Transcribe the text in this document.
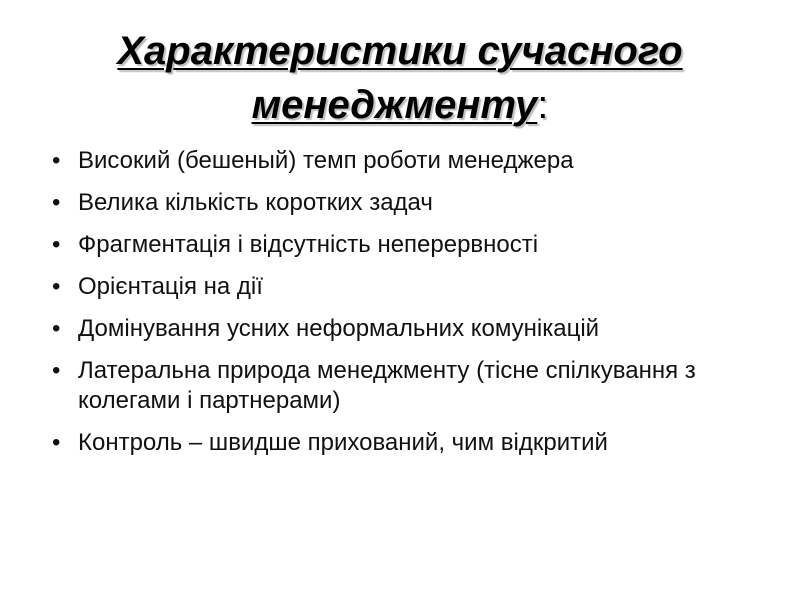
Характеристики сучасного
менеджменту:
• Високий (бешеный) темп роботи менеджера
• Велика кількість коротких задач
• Фрагментація і відсутність неперервності
• Орієнтація на дії
• Домінування усних неформальних комунікацій
• Латеральна природа менеджменту (тісне спілкування з колегами і партнерами)
• Контроль – швидше прихований, чим відкритий
